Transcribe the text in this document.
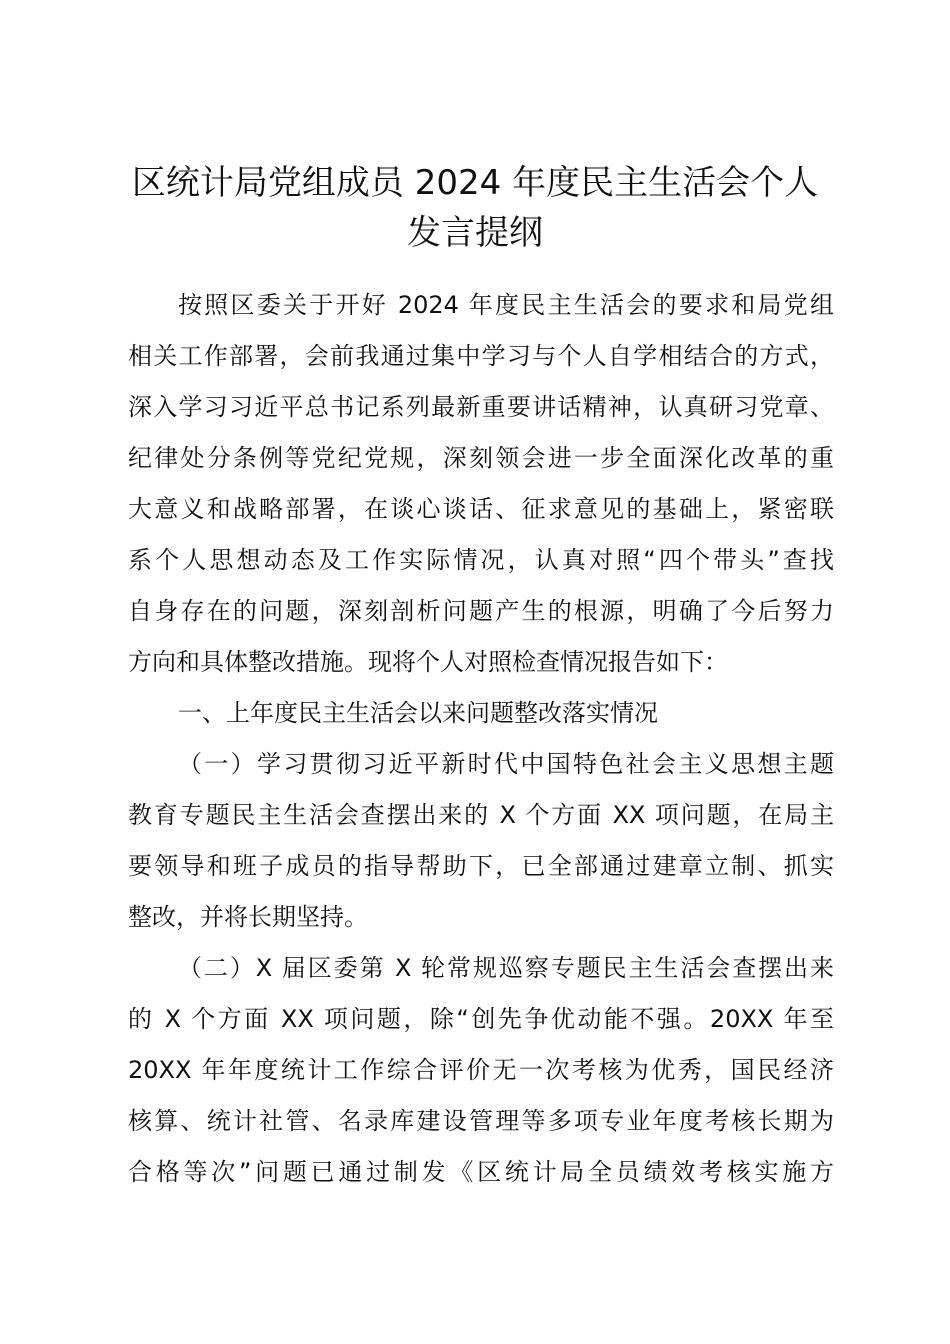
区统计局党组成员 2024 年度民主生活会个人
发言提纲
按照区委关于开好 2024 年度民主生活会的要求和局党组
相关工作部署，会前我通过集中学习与个人自学相结合的方式，
深入学习习近平总书记系列最新重要讲话精神，认真研习党章、
纪律处分条例等党纪党规，深刻领会进一步全面深化改革的重
大意义和战略部署，在谈心谈话、征求意见的基础上，紧密联
系个人思想动态及工作实际情况，认真对照“四个带头”查找
自身存在的问题，深刻剖析问题产生的根源，明确了今后努力
方向和具体整改措施。现将个人对照检查情况报告如下：
一、上年度民主生活会以来问题整改落实情况
（一）学习贯彻习近平新时代中国特色社会主义思想主题
教育专题民主生活会查摆出来的 X 个方面 XX 项问题，在局主
要领导和班子成员的指导帮助下，已全部通过建章立制、抓实
整改，并将长期坚持。
（二）X 届区委第 X 轮常规巡察专题民主生活会查摆出来
的 X 个方面 XX 项问题，除“创先争优动能不强。20XX 年至
20XX 年年度统计工作综合评价无一次考核为优秀，国民经济
核算、统计社管、名录库建设管理等多项专业年度考核长期为
合格等次”问题已通过制发《区统计局全员绩效考核实施方
